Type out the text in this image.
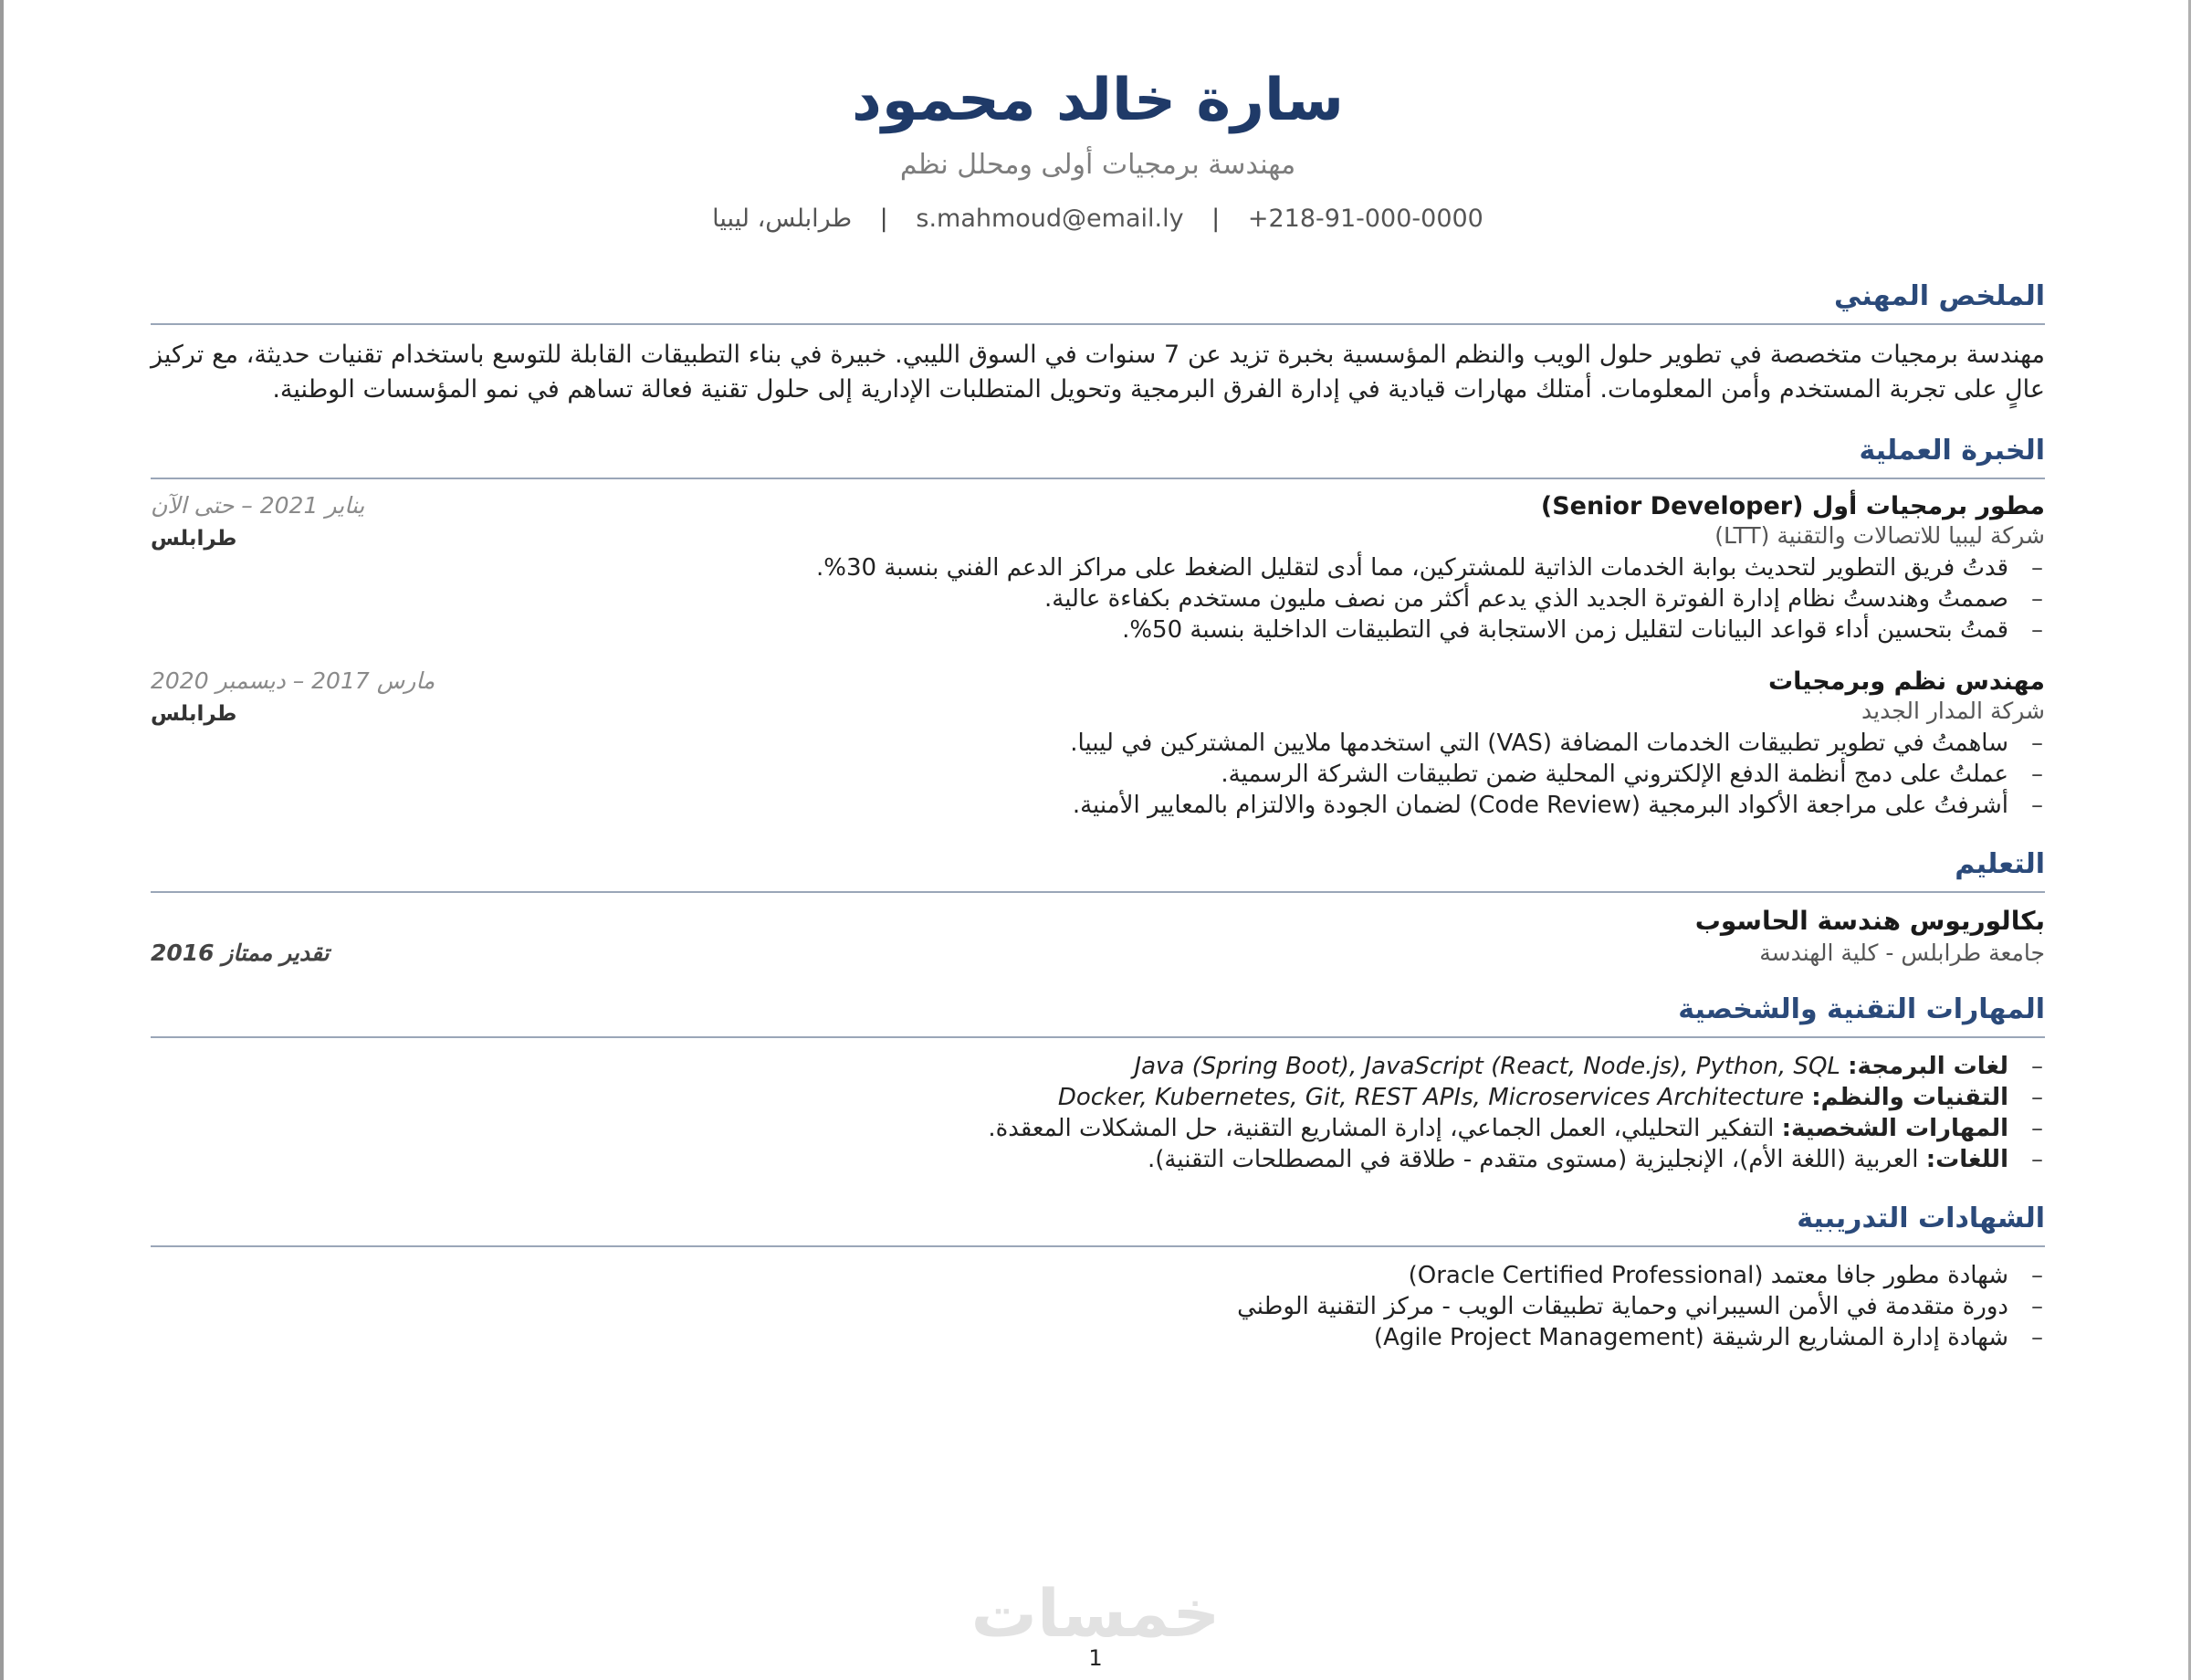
سارة خالد محمود
مهندسة برمجيات أولى ومحلل نظم
+218-91-000-0000 | s.mahmoud@email.ly | طرابلس، ليبيا
الملخص المهني
مهندسة برمجيات متخصصة في تطوير حلول الويب والنظم المؤسسية بخبرة تزيد عن 7 سنوات في السوق الليبي. خبيرة في بناء التطبيقات القابلة للتوسع باستخدام تقنيات حديثة، مع تركيز عالٍ على تجربة المستخدم وأمن المعلومات. أمتلك مهارات قيادية في إدارة الفرق البرمجية وتحويل المتطلبات الإدارية إلى حلول تقنية فعالة تساهم في نمو المؤسسات الوطنية.
الخبرة العملية
مطور برمجيات أول (Senior Developer)
شركة ليبيا للاتصالات والتقنية (LTT)
يناير 2021 – حتى الآن
طرابلس
– قدتُ فريق التطوير لتحديث بوابة الخدمات الذاتية للمشتركين، مما أدى لتقليل الضغط على مراكز الدعم الفني بنسبة 30%.
– صممتُ وهندستُ نظام إدارة الفوترة الجديد الذي يدعم أكثر من نصف مليون مستخدم بكفاءة عالية.
– قمتُ بتحسين أداء قواعد البيانات لتقليل زمن الاستجابة في التطبيقات الداخلية بنسبة 50%.
مهندس نظم وبرمجيات
شركة المدار الجديد
مارس 2017 – ديسمبر 2020
طرابلس
– ساهمتُ في تطوير تطبيقات الخدمات المضافة (VAS) التي استخدمها ملايين المشتركين في ليبيا.
– عملتُ على دمج أنظمة الدفع الإلكتروني المحلية ضمن تطبيقات الشركة الرسمية.
– أشرفتُ على مراجعة الأكواد البرمجية (Code Review) لضمان الجودة والالتزام بالمعايير الأمنية.
التعليم
بكالوريوس هندسة الحاسوب
جامعة طرابلس - كلية الهندسة
تقدير ممتاز 2016
المهارات التقنية والشخصية
– لغات البرمجة: Java (Spring Boot), JavaScript (React, Node.js), Python, SQL
– التقنيات والنظم: Docker, Kubernetes, Git, REST APIs, Microservices Architecture
– المهارات الشخصية: التفكير التحليلي، العمل الجماعي، إدارة المشاريع التقنية، حل المشكلات المعقدة.
– اللغات: العربية (اللغة الأم)، الإنجليزية (مستوى متقدم - طلاقة في المصطلحات التقنية).
الشهادات التدريبية
– شهادة مطور جافا معتمد (Oracle Certified Professional)
– دورة متقدمة في الأمن السيبراني وحماية تطبيقات الويب - مركز التقنية الوطني
– شهادة إدارة المشاريع الرشيقة (Agile Project Management)
خمسات
1
